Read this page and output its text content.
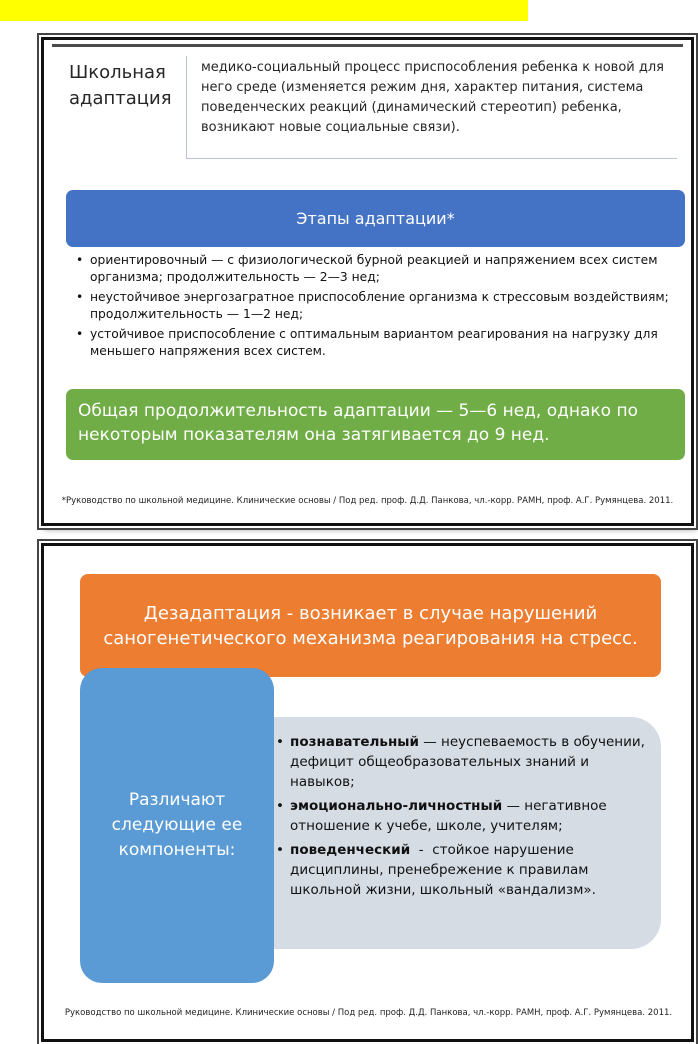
Школьная адаптация
медико-социальный процесс приспособления ребенка к новой для него среде (изменяется режим дня, характер питания, система поведенческих реакций (динамический стереотип) ребенка, возникают новые социальные связи).
Этапы адаптации*
• ориентировочный — с физиологической бурной реакцией и напряжением всех систем организма; продолжительность — 2—3 нед;
• неустойчивое энергозагратное приспособление организма к стрессовым воздействиям; продолжительность — 1—2 нед;
• устойчивое приспособление с оптимальным вариантом реагирования на нагрузку для меньшего напряжения всех систем.
Общая продолжительность адаптации — 5—6 нед, однако по некоторым показателям она затягивается до 9 нед.
*Руководство по школьной медицине. Клинические основы / Под ред. проф. Д.Д. Панкова, чл.-корр. РАМН, проф. А.Г. Румянцева. 2011.
Дезадаптация - возникает в случае нарушений саногенетического механизма реагирования на стресс.
Различают следующие ее компоненты:
• познавательный — неуспеваемость в обучении, дефицит общеобразовательных знаний и навыков;
• эмоционально-личностный — негативное отношение к учебе, школе, учителям;
• поведенческий  -  стойкое нарушение дисциплины, пренебрежение к правилам школьной жизни, школьный «вандализм».
Руководство по школьной медицине. Клинические основы / Под ред. проф. Д.Д. Панкова, чл.-корр. РАМН, проф. А.Г. Румянцева. 2011.
